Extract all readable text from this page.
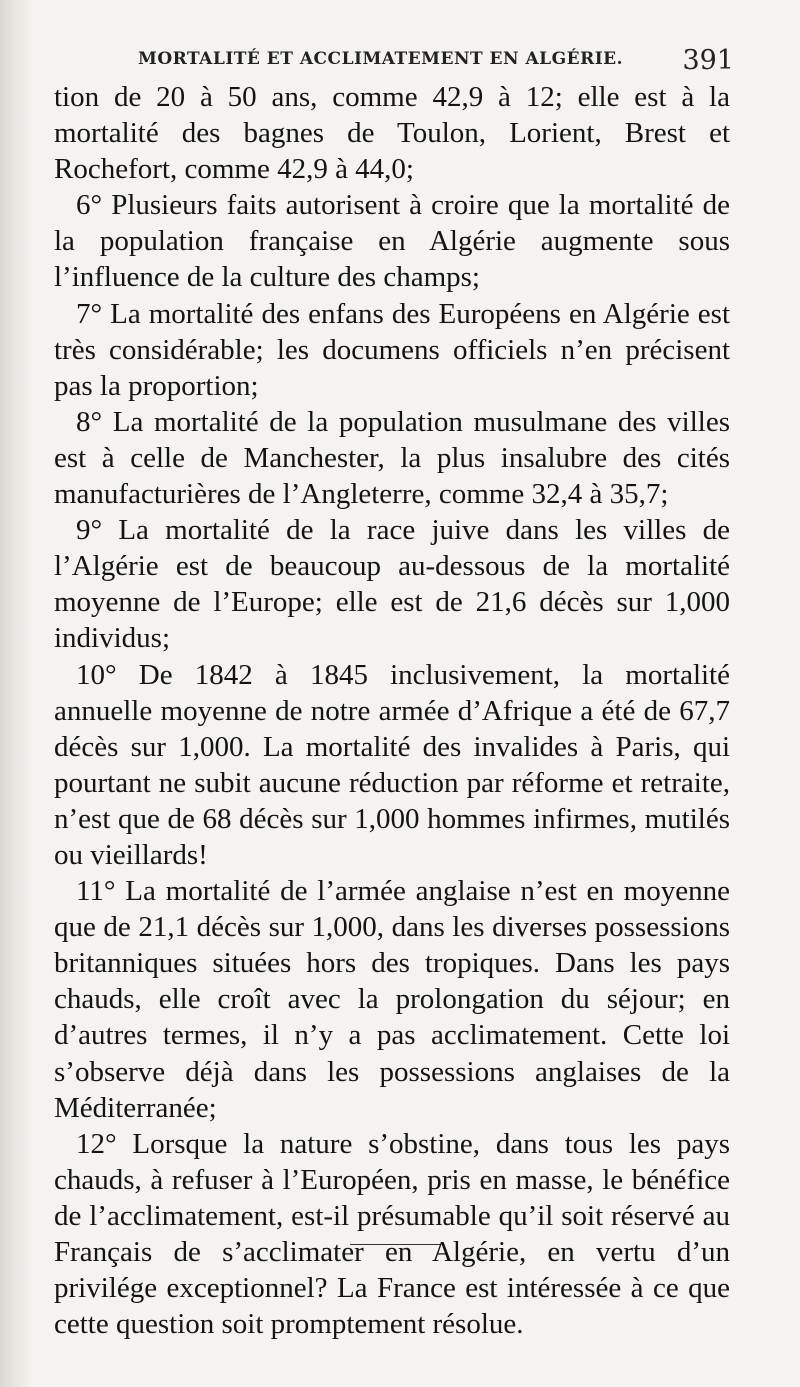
MORTALITÉ ET ACCLIMATEMENT EN ALGÉRIE. 391

tion de 20 à 50 ans, comme 42,9 à 12; elle est à la mortalité des bagnes de Toulon, Lorient, Brest et Rochefort, comme 42,9 à 44,0;

6° Plusieurs faits autorisent à croire que la mortalité de la population française en Algérie augmente sous l’influence de la culture des champs;

7° La mortalité des enfans des Européens en Algérie est très considérable; les documens officiels n’en précisent pas la proportion;

8° La mortalité de la population musulmane des villes est à celle de Manchester, la plus insalubre des cités manufacturières de l’Angleterre, comme 32,4 à 35,7;

9° La mortalité de la race juive dans les villes de l’Algérie est de beaucoup au-dessous de la mortalité moyenne de l’Europe; elle est de 21,6 décès sur 1,000 individus;

10° De 1842 à 1845 inclusivement, la mortalité annuelle moyenne de notre armée d’Afrique a été de 67,7 décès sur 1,000. La mortalité des invalides à Paris, qui pourtant ne subit aucune réduction par réforme et retraite, n’est que de 68 décès sur 1,000 hommes infirmes, mutilés ou vieillards!

11° La mortalité de l’armée anglaise n’est en moyenne que de 21,1 décès sur 1,000, dans les diverses possessions britanniques situées hors des tropiques. Dans les pays chauds, elle croît avec la prolongation du séjour; en d’autres termes, il n’y a pas acclimatement. Cette loi s’observe déjà dans les possessions anglaises de la Méditerranée;

12° Lorsque la nature s’obstine, dans tous les pays chauds, à refuser à l’Européen, pris en masse, le bénéfice de l’acclimatement, est-il présumable qu’il soit réservé au Français de s’acclimater en Algérie, en vertu d’un privilége exceptionnel? La France est intéressée à ce que cette question soit promptement résolue.
